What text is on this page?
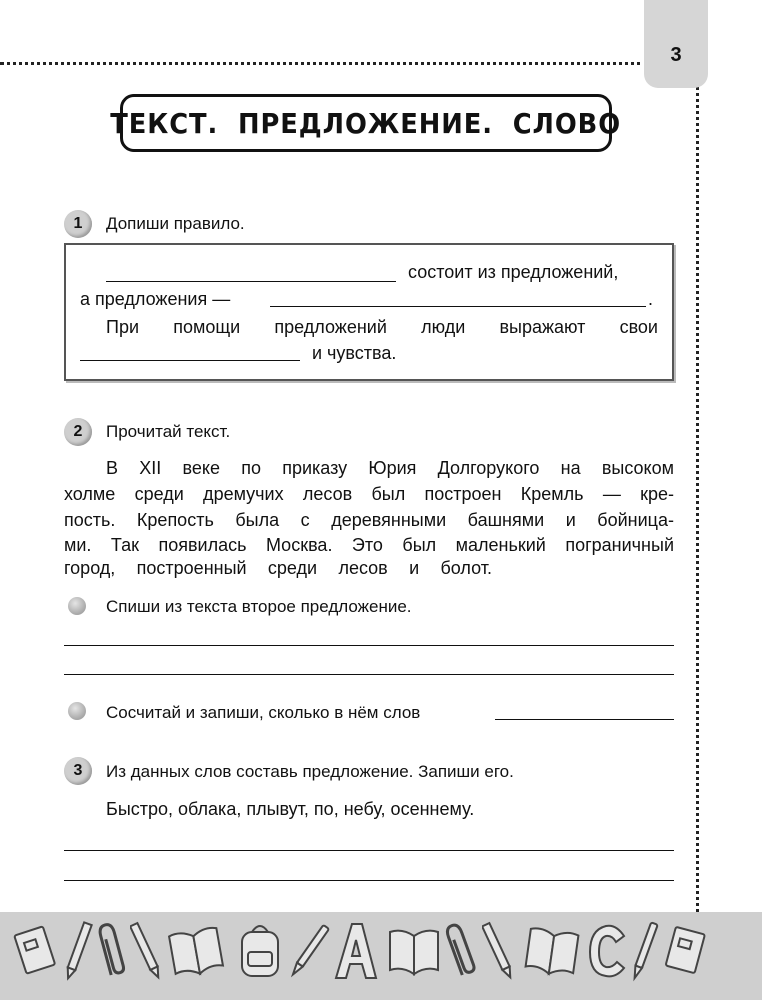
3
ТЕКСТ.  ПРЕДЛОЖЕНИЕ.  СЛОВО
1	Допиши правило.
состоит из предложений,
а предложения —	.
При помощи предложений люди выражают свои
и чувства.
2	Прочитай текст.
В XII веке по приказу Юрия Долгорукого на высоком
холме среди дремучих лесов был построен Кремль — кре-
пость. Крепость была с деревянными башнями и бойница-
ми. Так появилась Москва. Это был маленький пограничный
город, построенный среди лесов и болот.
Спиши из текста второе предложение.
Сосчитай и запиши, сколько в нём слов
3	Из данных слов составь предложение. Запиши его.
Быстро, облака, плывут, по, небу, осеннему.
